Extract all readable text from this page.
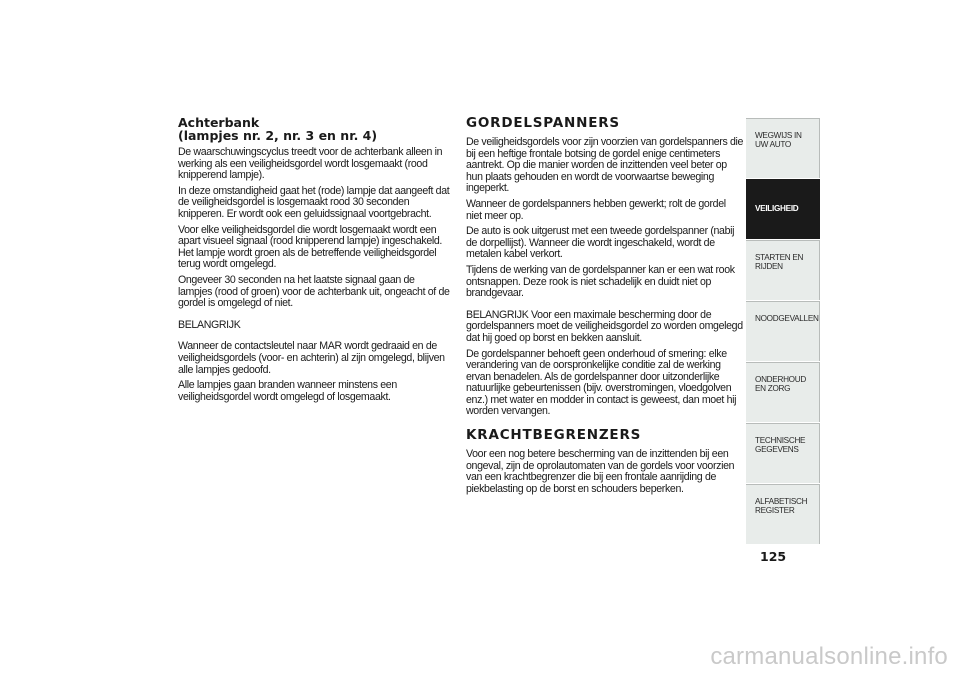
Achterbank
(lampjes nr. 2, nr. 3 en nr. 4)

De waarschuwingscyclus treedt voor de achterbank alleen in werking als een veiligheidsgordel wordt losgemaakt (rood knipperend lampje).

In deze omstandigheid gaat het (rode) lampje dat aangeeft dat de veiligheidsgordel is losgemaakt rood 30 seconden knipperen. Er wordt ook een geluidssignaal voortgebracht.

Voor elke veiligheidsgordel die wordt losgemaakt wordt een apart visueel signaal (rood knipperend lampje) ingeschakeld. Het lampje wordt groen als de betreffende veiligheidsgordel terug wordt omgelegd.

Ongeveer 30 seconden na het laatste signaal gaan de lampjes (rood of groen) voor de achterbank uit, ongeacht of de gordel is omgelegd of niet.

BELANGRIJK

Wanneer de contactsleutel naar MAR wordt gedraaid en de veiligheidsgordels (voor- en achterin) al zijn omgelegd, blijven alle lampjes gedoofd.

Alle lampjes gaan branden wanneer minstens een veiligheidsgordel wordt omgelegd of losgemaakt.

GORDELSPANNERS

De veiligheidsgordels voor zijn voorzien van gordelspanners die bij een heftige frontale botsing de gordel enige centimeters aantrekt. Op die manier worden de inzittenden veel beter op hun plaats gehouden en wordt de voorwaartse beweging ingeperkt.

Wanneer de gordelspanners hebben gewerkt; rolt de gordel niet meer op.

De auto is ook uitgerust met een tweede gordelspanner (nabij de dorpellijst). Wanneer die wordt ingeschakeld, wordt de metalen kabel verkort.

Tijdens de werking van de gordelspanner kan er een wat rook ontsnappen. Deze rook is niet schadelijk en duidt niet op brandgevaar.

BELANGRIJK Voor een maximale bescherming door de gordelspanners moet de veiligheidsgordel zo worden omgelegd dat hij goed op borst en bekken aansluit.

De gordelspanner behoeft geen onderhoud of smering: elke verandering van de oorspronkelijke conditie zal de werking ervan benadelen. Als de gordelspanner door uitzonderlijke natuurlijke gebeurtenissen (bijv. overstromingen, vloedgolven enz.) met water en modder in contact is geweest, dan moet hij worden vervangen.

KRACHTBEGRENZERS

Voor een nog betere bescherming van de inzittenden bij een ongeval, zijn de oprolautomaten van de gordels voor voorzien van een krachtbegrenzer die bij een frontale aanrijding de piekbelasting op de borst en schouders beperken.

WEGWIJS IN UW AUTO
VEILIGHEID
STARTEN EN RIJDEN
NOODGEVALLEN
ONDERHOUD EN ZORG
TECHNISCHE GEGEVENS
ALFABETISCH REGISTER
125
carmanualsonline.info
